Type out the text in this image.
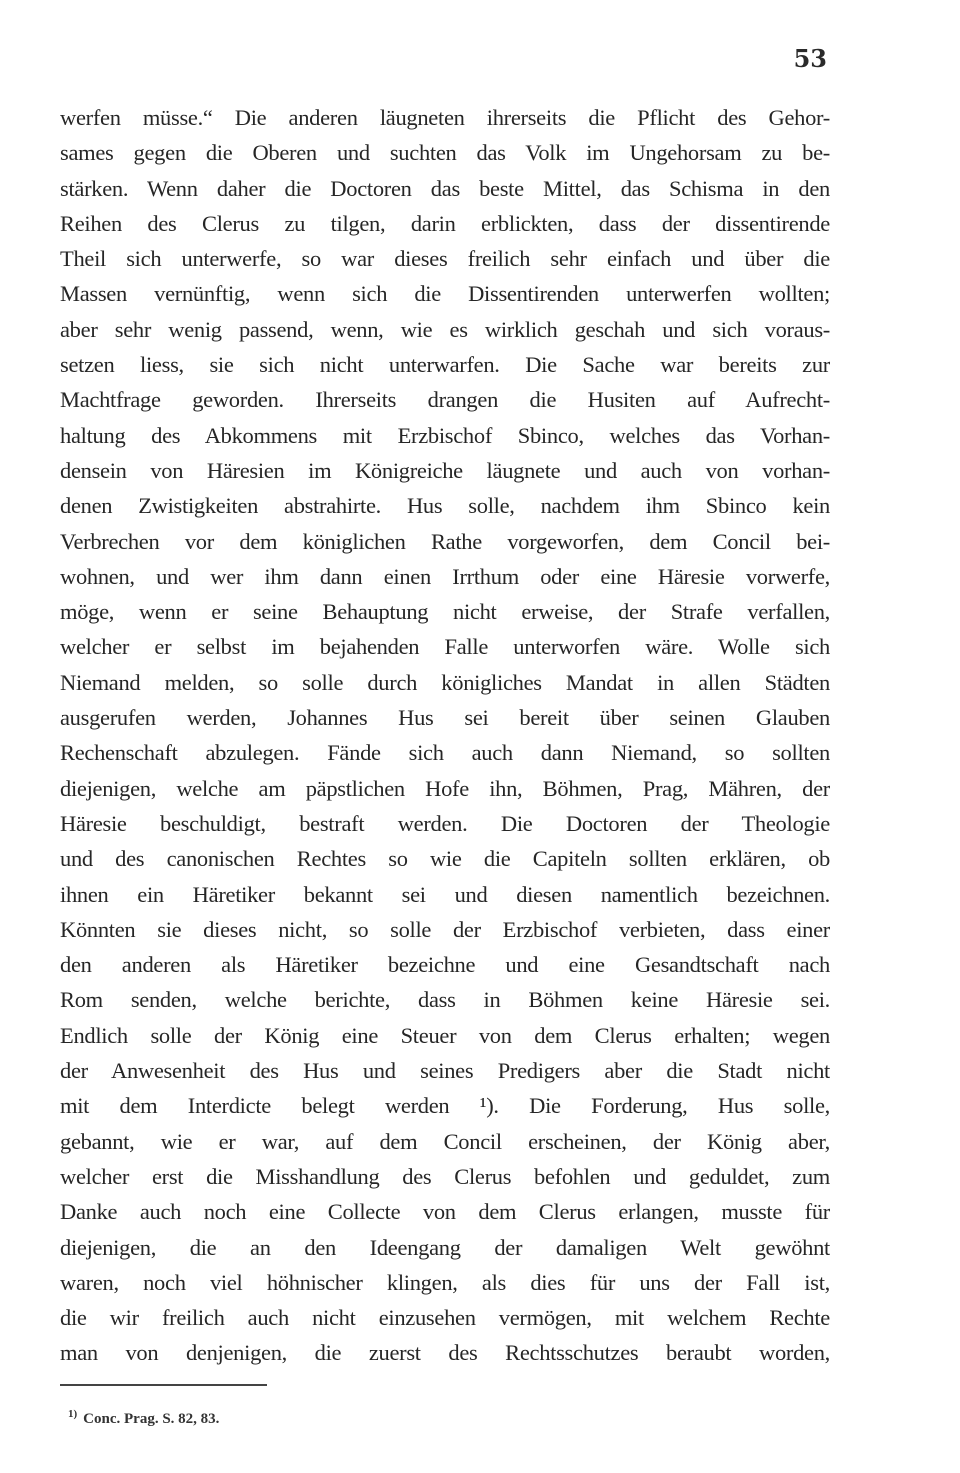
53
werfen müsse.“ Die anderen läugneten ihrerseits die Pflicht des Gehor-
sames gegen die Oberen und suchten das Volk im Ungehorsam zu be-
stärken. Wenn daher die Doctoren das beste Mittel, das Schisma in den
Reihen des Clerus zu tilgen, darin erblickten, dass der dissentirende
Theil sich unterwerfe, so war dieses freilich sehr einfach und über die
Massen vernünftig, wenn sich die Dissentirenden unterwerfen wollten;
aber sehr wenig passend, wenn, wie es wirklich geschah und sich voraus-
setzen liess, sie sich nicht unterwarfen. Die Sache war bereits zur
Machtfrage geworden. Ihrerseits drangen die Husiten auf Aufrecht-
haltung des Abkommens mit Erzbischof Sbinco, welches das Vorhan-
densein von Häresien im Königreiche läugnete und auch von vorhan-
denen Zwistigkeiten abstrahirte. Hus solle, nachdem ihm Sbinco kein
Verbrechen vor dem königlichen Rathe vorgeworfen, dem Concil bei-
wohnen, und wer ihm dann einen Irrthum oder eine Häresie vorwerfe,
möge, wenn er seine Behauptung nicht erweise, der Strafe verfallen,
welcher er selbst im bejahenden Falle unterworfen wäre. Wolle sich
Niemand melden, so solle durch königliches Mandat in allen Städten
ausgerufen werden, Johannes Hus sei bereit über seinen Glauben
Rechenschaft abzulegen. Fände sich auch dann Niemand, so sollten
diejenigen, welche am päpstlichen Hofe ihn, Böhmen, Prag, Mähren, der
Häresie beschuldigt, bestraft werden. Die Doctoren der Theologie
und des canonischen Rechtes so wie die Capiteln sollten erklären, ob
ihnen ein Häretiker bekannt sei und diesen namentlich bezeichnen.
Könnten sie dieses nicht, so solle der Erzbischof verbieten, dass einer
den anderen als Häretiker bezeichne und eine Gesandtschaft nach
Rom senden, welche berichte, dass in Böhmen keine Häresie sei.
Endlich solle der König eine Steuer von dem Clerus erhalten; wegen
der Anwesenheit des Hus und seines Predigers aber die Stadt nicht
mit dem Interdicte belegt werden ¹). Die Forderung, Hus solle,
gebannt, wie er war, auf dem Concil erscheinen, der König aber,
welcher erst die Misshandlung des Clerus befohlen und geduldet, zum
Danke auch noch eine Collecte von dem Clerus erlangen, musste für
diejenigen, die an den Ideengang der damaligen Welt gewöhnt
waren, noch viel höhnischer klingen, als dies für uns der Fall ist,
die wir freilich auch nicht einzusehen vermögen, mit welchem Rechte
man von denjenigen, die zuerst des Rechtsschutzes beraubt worden,
$^{1)}$ Conc. Prag. S. 82, 83.
